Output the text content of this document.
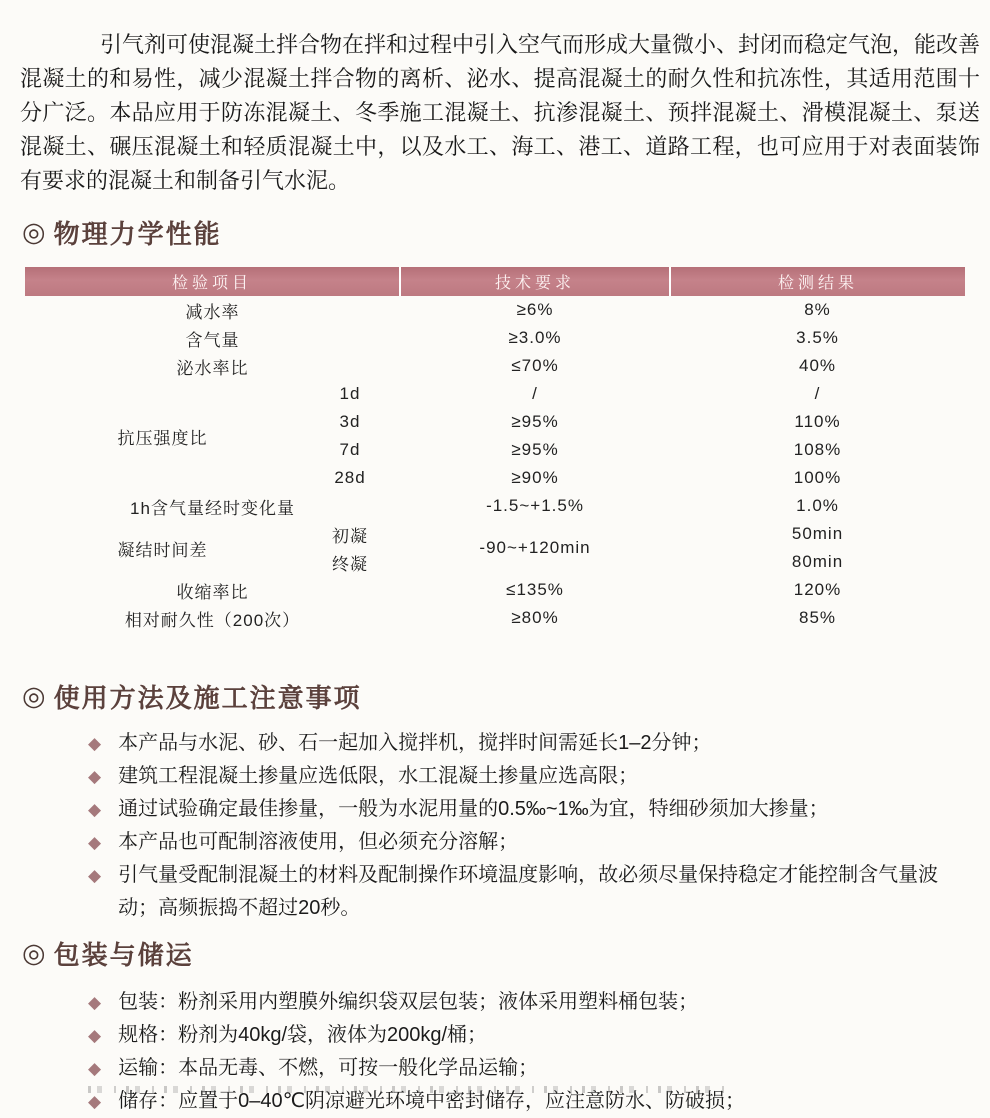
引气剂可使混凝土拌合物在拌和过程中引入空气而形成大量微小、封闭而稳定气泡，能改善混凝土的和易性，减少混凝土拌合物的离析、泌水、提高混凝土的耐久性和抗冻性，其适用范围十分广泛。本品应用于防冻混凝土、冬季施工混凝土、抗渗混凝土、预拌混凝土、滑模混凝土、泵送混凝土、碾压混凝土和轻质混凝土中，以及水工、海工、港工、道路工程，也可应用于对表面装饰有要求的混凝土和制备引气水泥。

◎ 物理力学性能
检验项目		技术要求	检测结果
减水率		≥6%	8%
含气量		≥3.0%	3.5%
泌水率比		≤70%	40%
抗压强度比	1d	/	/
	3d	≥95%	110%
	7d	≥95%	108%
	28d	≥90%	100%
1h含气量经时变化量		-1.5~+1.5%	1.0%
凝结时间差	初凝	-90~+120min	50min
	终凝		80min
收缩率比		≤135%	120%
相对耐久性（200次）		≥80%	85%
◎ 使用方法及施工注意事项
◆ 本产品与水泥、砂、石一起加入搅拌机，搅拌时间需延长1–2分钟；
◆ 建筑工程混凝土掺量应选低限，水工混凝土掺量应选高限；
◆ 通过试验确定最佳掺量，一般为水泥用量的0.5‰~1‰为宜，特细砂须加大掺量；
◆ 本产品也可配制溶液使用，但必须充分溶解；
◆ 引气量受配制混凝土的材料及配制操作环境温度影响，故必须尽量保持稳定才能控制含气量波动；高频振捣不超过20秒。
◎ 包装与储运
◆ 包装：粉剂采用内塑膜外编织袋双层包装；液体采用塑料桶包装；
◆ 规格：粉剂为40kg/袋，液体为200kg/桶；
◆ 运输：本品无毒、不燃，可按一般化学品运输；
◆ 储存：应置于0–40℃阴凉避光环境中密封储存，应注意防水、防破损；
